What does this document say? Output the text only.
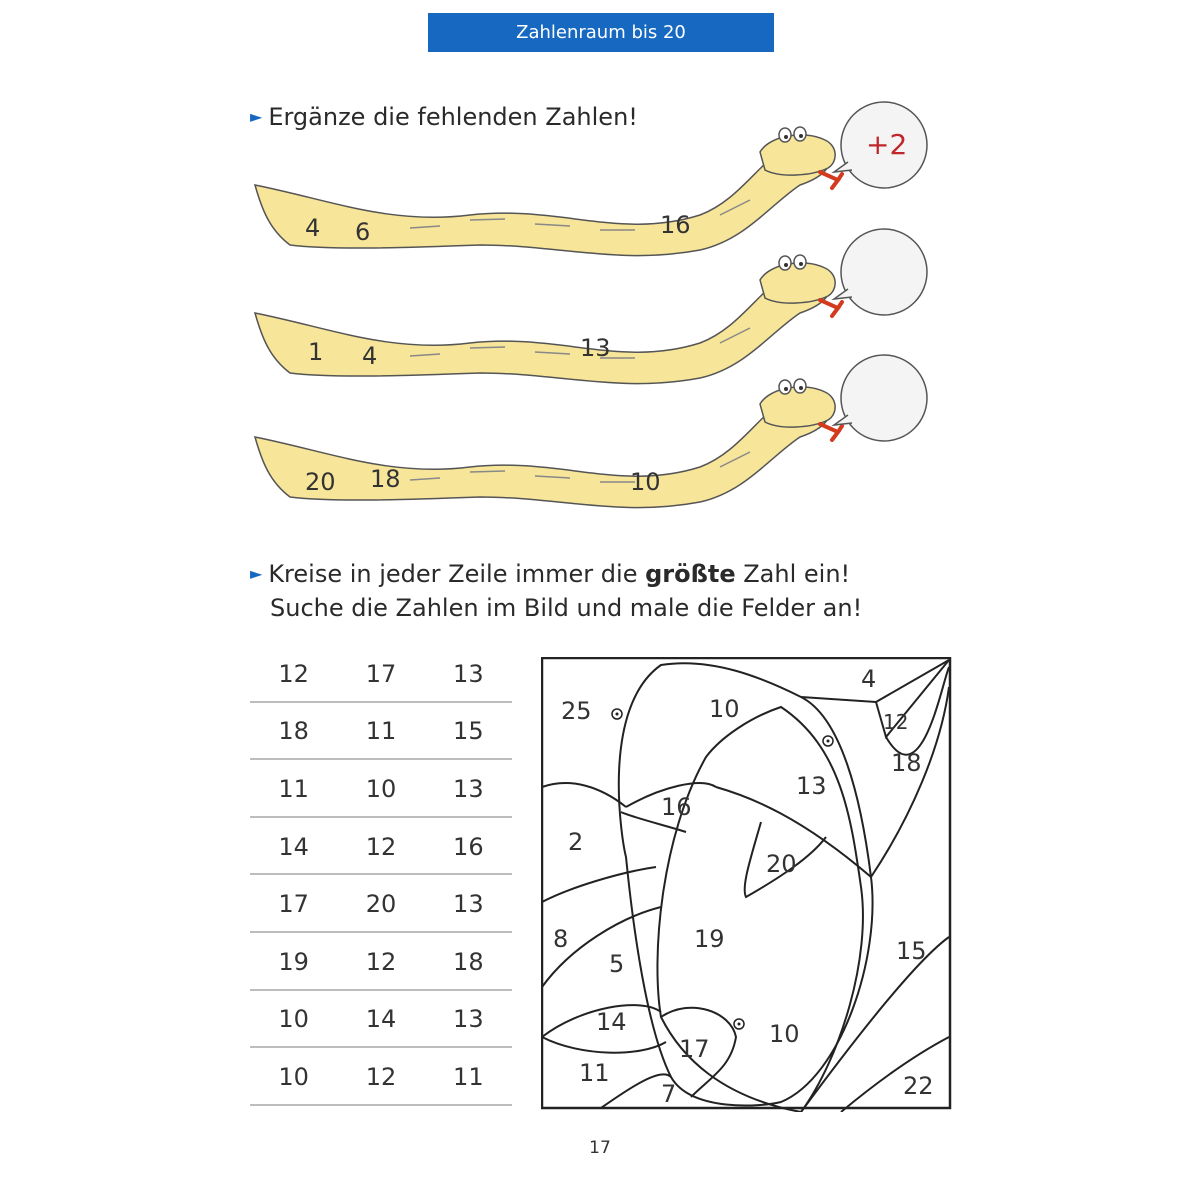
Zahlenraum bis 20
► Ergänze die fehlenden Zahlen!
4 6	16
+2
1 4	13
20 18	10
► Kreise in jeder Zeile immer die größte Zahl ein!
Suche die Zahlen im Bild und male die Felder an!
12	17	13
18	11	15
11	10	13
14	12	16
17	20	13
19	12	18
10	14	13
10	12	11
25	10
4
12
13
18
16
2
20
8	19	15
5
14
17
10
11
7	22
17
